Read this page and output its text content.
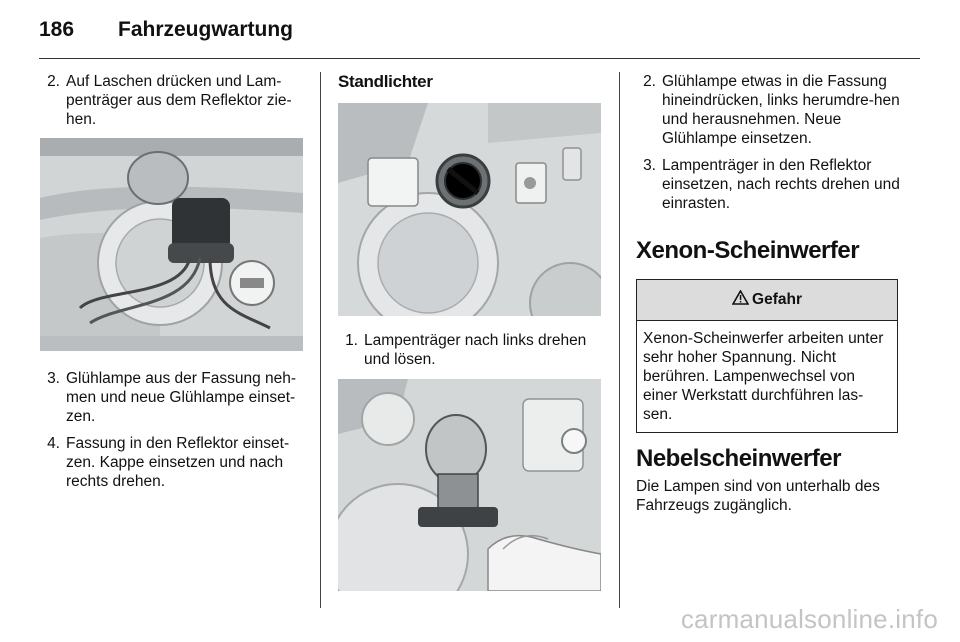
186 Fahrzeugwartung
2. Auf Laschen drücken und Lam-penträger aus dem Reflektor zie-hen.
3. Glühlampe aus der Fassung neh-men und neue Glühlampe einset-zen.
4. Fassung in den Reflektor einset-zen. Kappe einsetzen und nach rechts drehen.
Standlichter
1. Lampenträger nach links drehen und lösen.
2. Glühlampe etwas in die Fassung hineindrücken, links herumdre-hen und herausnehmen. Neue Glühlampe einsetzen.
3. Lampenträger in den Reflektor einsetzen, nach rechts drehen und einrasten.
Xenon-Scheinwerfer
Gefahr
Xenon-Scheinwerfer arbeiten unter sehr hoher Spannung. Nicht berühren. Lampenwechsel von einer Werkstatt durchführen las-sen.
Nebelscheinwerfer

Die Lampen sind von unterhalb des Fahrzeugs zugänglich.

carmanualsonline.info
